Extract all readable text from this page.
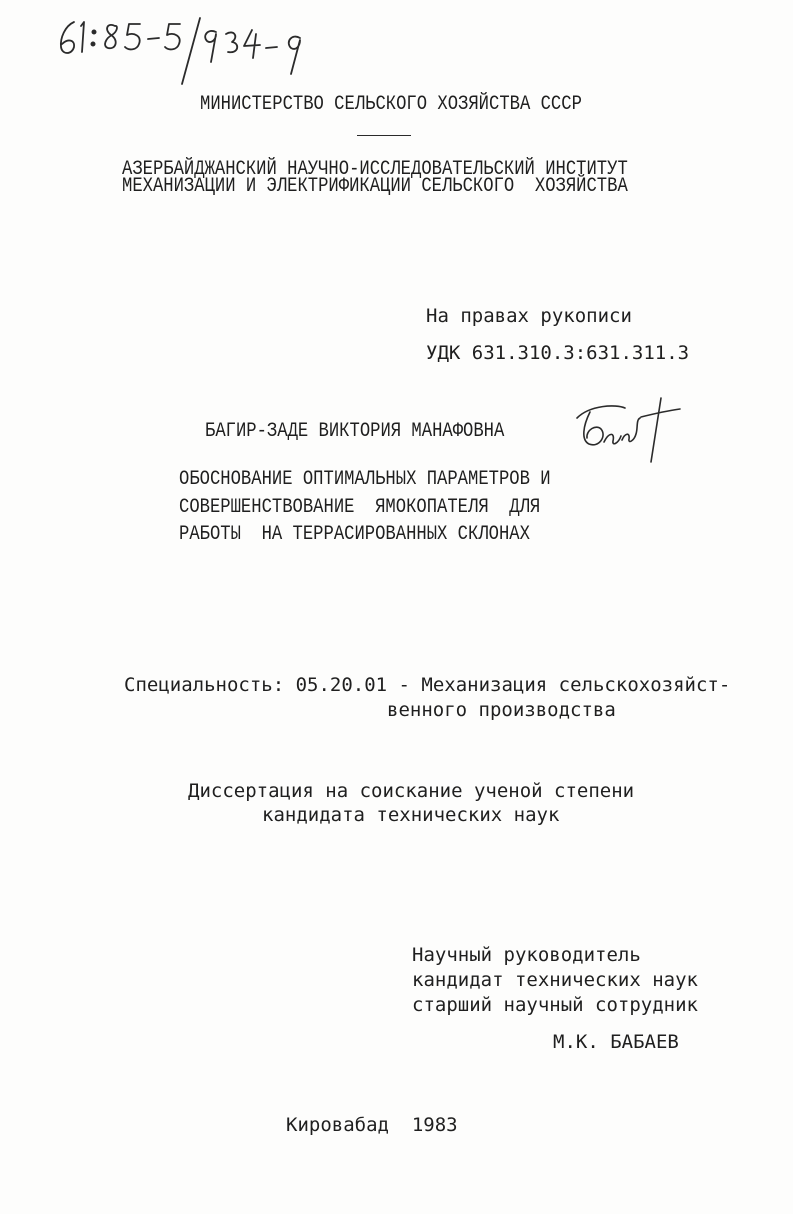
МИНИСТЕРСТВО СЕЛЬСКОГО ХОЗЯЙСТВА СССР

АЗЕРБАЙДЖАНСКИЙ НАУЧНО-ИССЛЕДОВАТЕЛЬСКИЙ ИНСТИТУТ

МЕХАНИЗАЦИИ И ЭЛЕКТРИФИКАЦИИ СЕЛЬСКОГО  ХОЗЯЙСТВА

На правах рукописи

УДК 631.310.3:631.311.3

БАГИР-ЗАДЕ ВИКТОРИЯ МАНАФОВНА

ОБОСНОВАНИЕ ОПТИМАЛЬНЫХ ПАРАМЕТРОВ И

СОВЕРШЕНСТВОВАНИЕ  ЯМОКОПАТЕЛЯ  ДЛЯ

РАБОТЫ  НА ТЕРРАСИРОВАННЫХ СКЛОНАХ

Специальность: 05.20.01 - Механизация сельскохозяйст-

венного производства

Диссертация на соискание ученой степени

кандидата технических наук

Научный руководитель

кандидат технических наук

старший научный сотрудник

М.К. БАБАЕВ

Кировабад  1983
